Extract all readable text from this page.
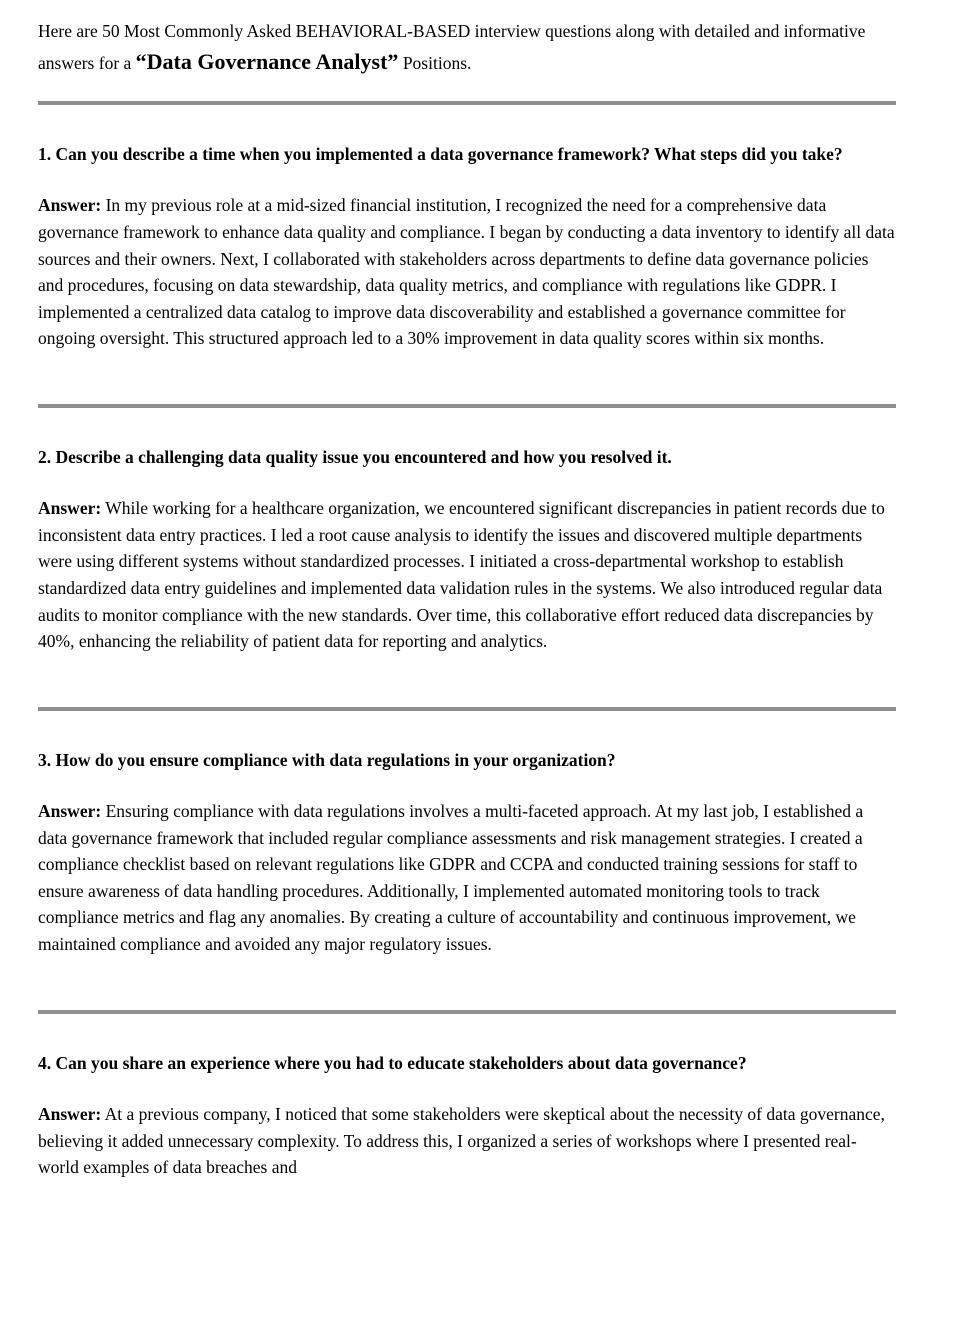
Here are 50 Most Commonly Asked BEHAVIORAL-BASED interview questions along with detailed and informative answers for a “Data Governance Analyst” Positions.

1. Can you describe a time when you implemented a data governance framework? What steps did you take?

Answer: In my previous role at a mid-sized financial institution, I recognized the need for a comprehensive data governance framework to enhance data quality and compliance. I began by conducting a data inventory to identify all data sources and their owners. Next, I collaborated with stakeholders across departments to define data governance policies and procedures, focusing on data stewardship, data quality metrics, and compliance with regulations like GDPR. I implemented a centralized data catalog to improve data discoverability and established a governance committee for ongoing oversight. This structured approach led to a 30% improvement in data quality scores within six months.

2. Describe a challenging data quality issue you encountered and how you resolved it.

Answer: While working for a healthcare organization, we encountered significant discrepancies in patient records due to inconsistent data entry practices. I led a root cause analysis to identify the issues and discovered multiple departments were using different systems without standardized processes. I initiated a cross-departmental workshop to establish standardized data entry guidelines and implemented data validation rules in the systems. We also introduced regular data audits to monitor compliance with the new standards. Over time, this collaborative effort reduced data discrepancies by 40%, enhancing the reliability of patient data for reporting and analytics.

3. How do you ensure compliance with data regulations in your organization?

Answer: Ensuring compliance with data regulations involves a multi-faceted approach. At my last job, I established a data governance framework that included regular compliance assessments and risk management strategies. I created a compliance checklist based on relevant regulations like GDPR and CCPA and conducted training sessions for staff to ensure awareness of data handling procedures. Additionally, I implemented automated monitoring tools to track compliance metrics and flag any anomalies. By creating a culture of accountability and continuous improvement, we maintained compliance and avoided any major regulatory issues.

4. Can you share an experience where you had to educate stakeholders about data governance?

Answer: At a previous company, I noticed that some stakeholders were skeptical about the necessity of data governance, believing it added unnecessary complexity. To address this, I organized a series of workshops where I presented real-world examples of data breaches and
